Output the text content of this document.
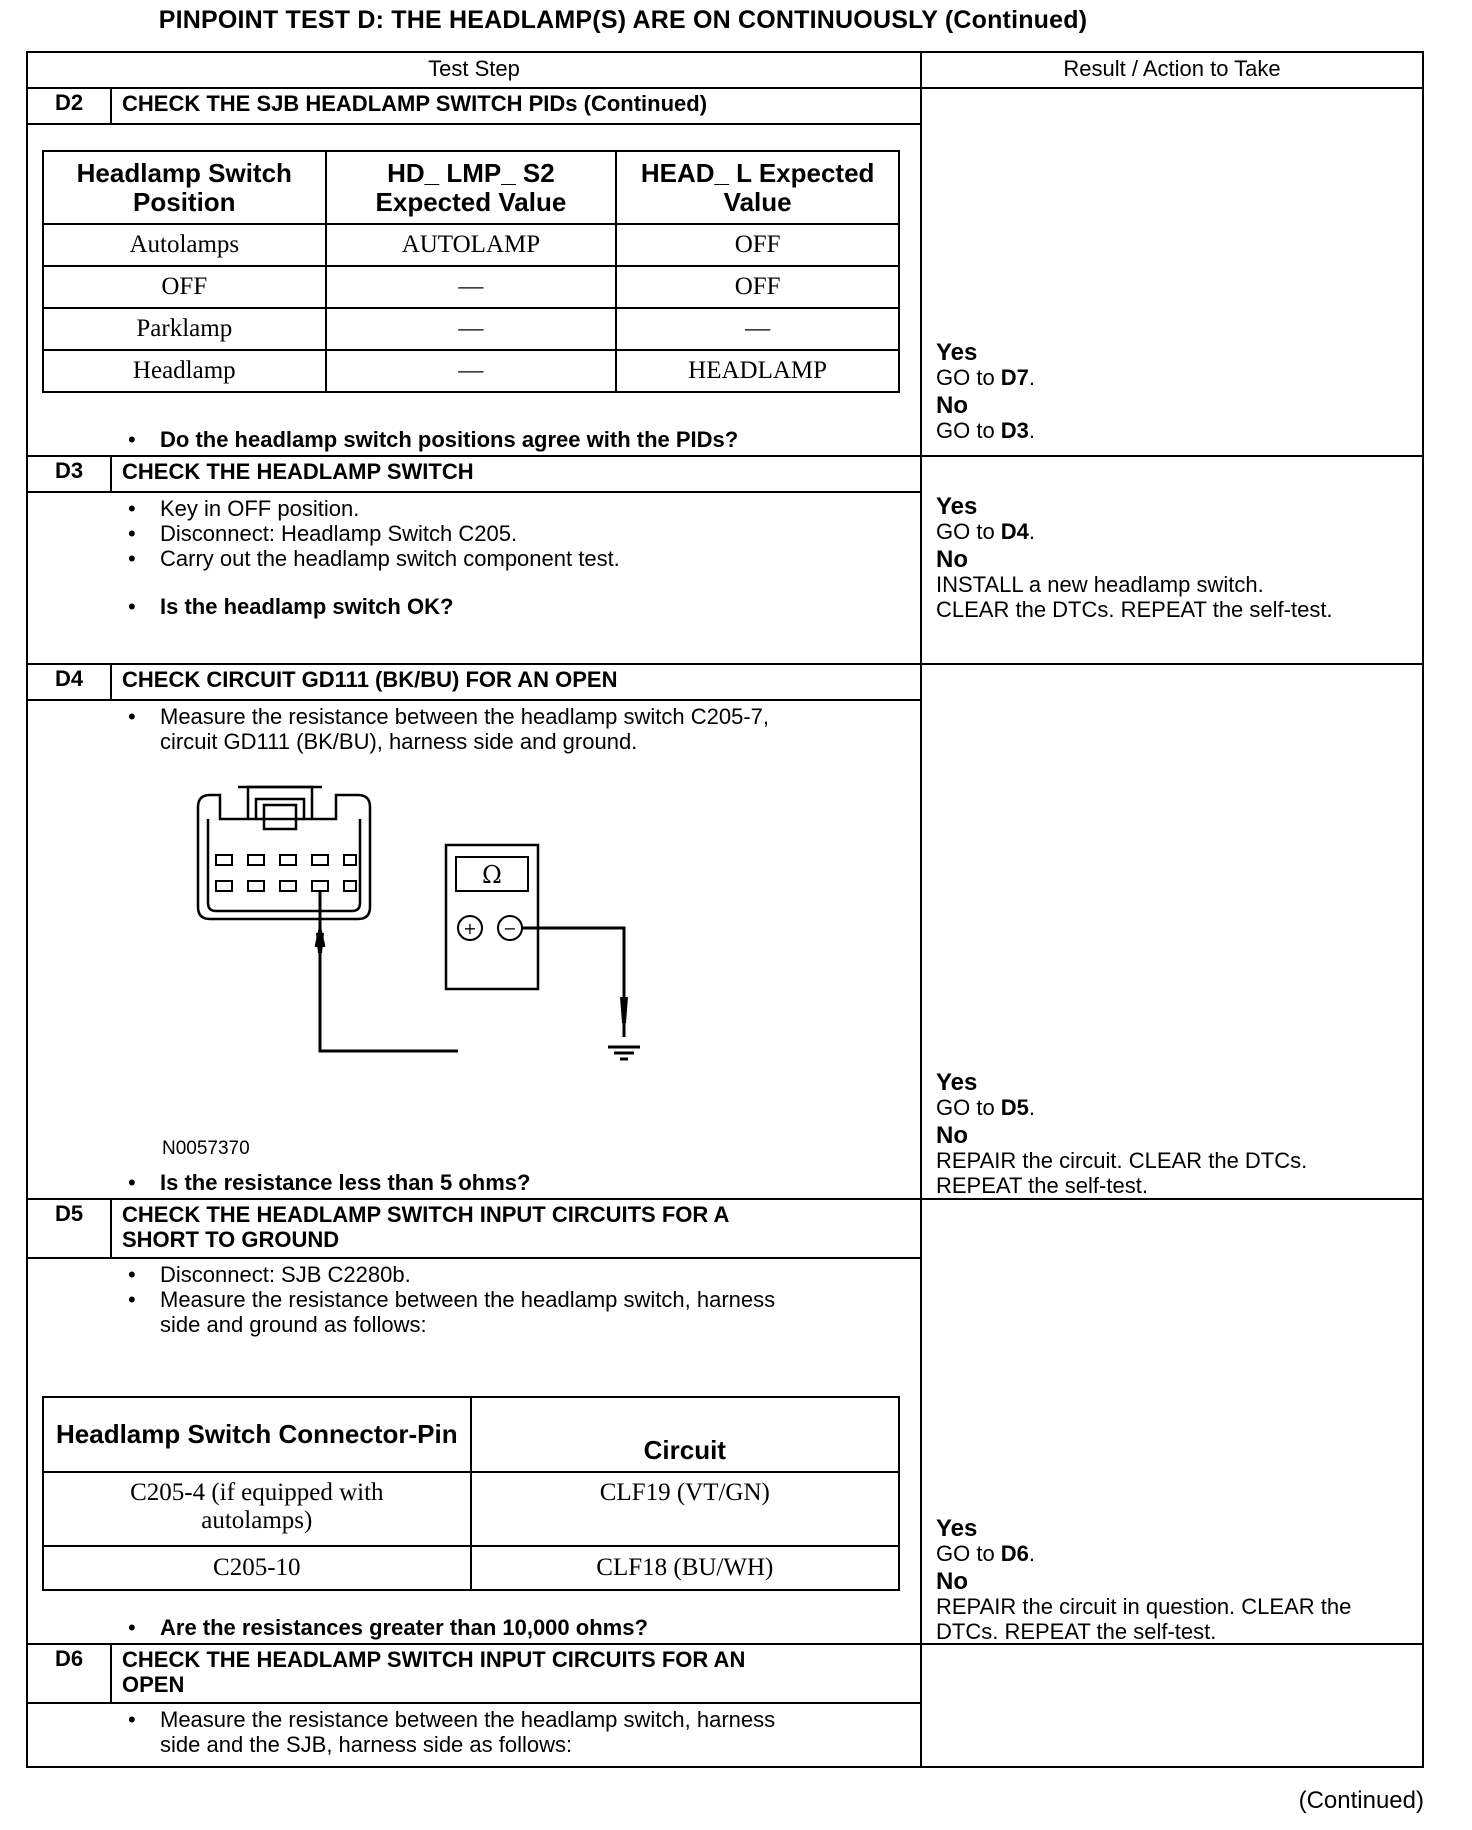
PINPOINT TEST D: THE HEADLAMP(S) ARE ON CONTINUOUSLY (Continued)
Test Step	Result / Action to Take
D2	CHECK THE SJB HEADLAMP SWITCH PIDs (Continued)
Headlamp Switch Position	HD_ LMP_ S2 Expected Value	HEAD_ L Expected Value
Autolamps	AUTOLAMP	OFF
OFF	—	OFF
Parklamp	—	—
Headlamp	—	HEADLAMP
• Do the headlamp switch positions agree with the PIDs?
Yes
GO to D7.
No
GO to D3.
D3	CHECK THE HEADLAMP SWITCH
• Key in OFF position.
• Disconnect: Headlamp Switch C205.
• Carry out the headlamp switch component test.
• Is the headlamp switch OK?
Yes
GO to D4.
No
INSTALL a new headlamp switch.
CLEAR the DTCs. REPEAT the self-test.
D4	CHECK CIRCUIT GD111 (BK/BU) FOR AN OPEN
• Measure the resistance between the headlamp switch C205-7,
circuit GD111 (BK/BU), harness side and ground.
Ω
+ −
N0057370
• Is the resistance less than 5 ohms?
Yes
GO to D5.
No
REPAIR the circuit. CLEAR the DTCs.
REPEAT the self-test.
D5	CHECK THE HEADLAMP SWITCH INPUT CIRCUITS FOR A
SHORT TO GROUND
• Disconnect: SJB C2280b.
• Measure the resistance between the headlamp switch, harness
side and ground as follows:
Headlamp Switch Connector-Pin	Circuit
C205-4 (if equipped with autolamps)	CLF19 (VT/GN)
C205-10	CLF18 (BU/WH)
• Are the resistances greater than 10,000 ohms?
Yes
GO to D6.
No
REPAIR the circuit in question. CLEAR the
DTCs. REPEAT the self-test.
D6	CHECK THE HEADLAMP SWITCH INPUT CIRCUITS FOR AN
OPEN
• Measure the resistance between the headlamp switch, harness
side and the SJB, harness side as follows:
(Continued)
